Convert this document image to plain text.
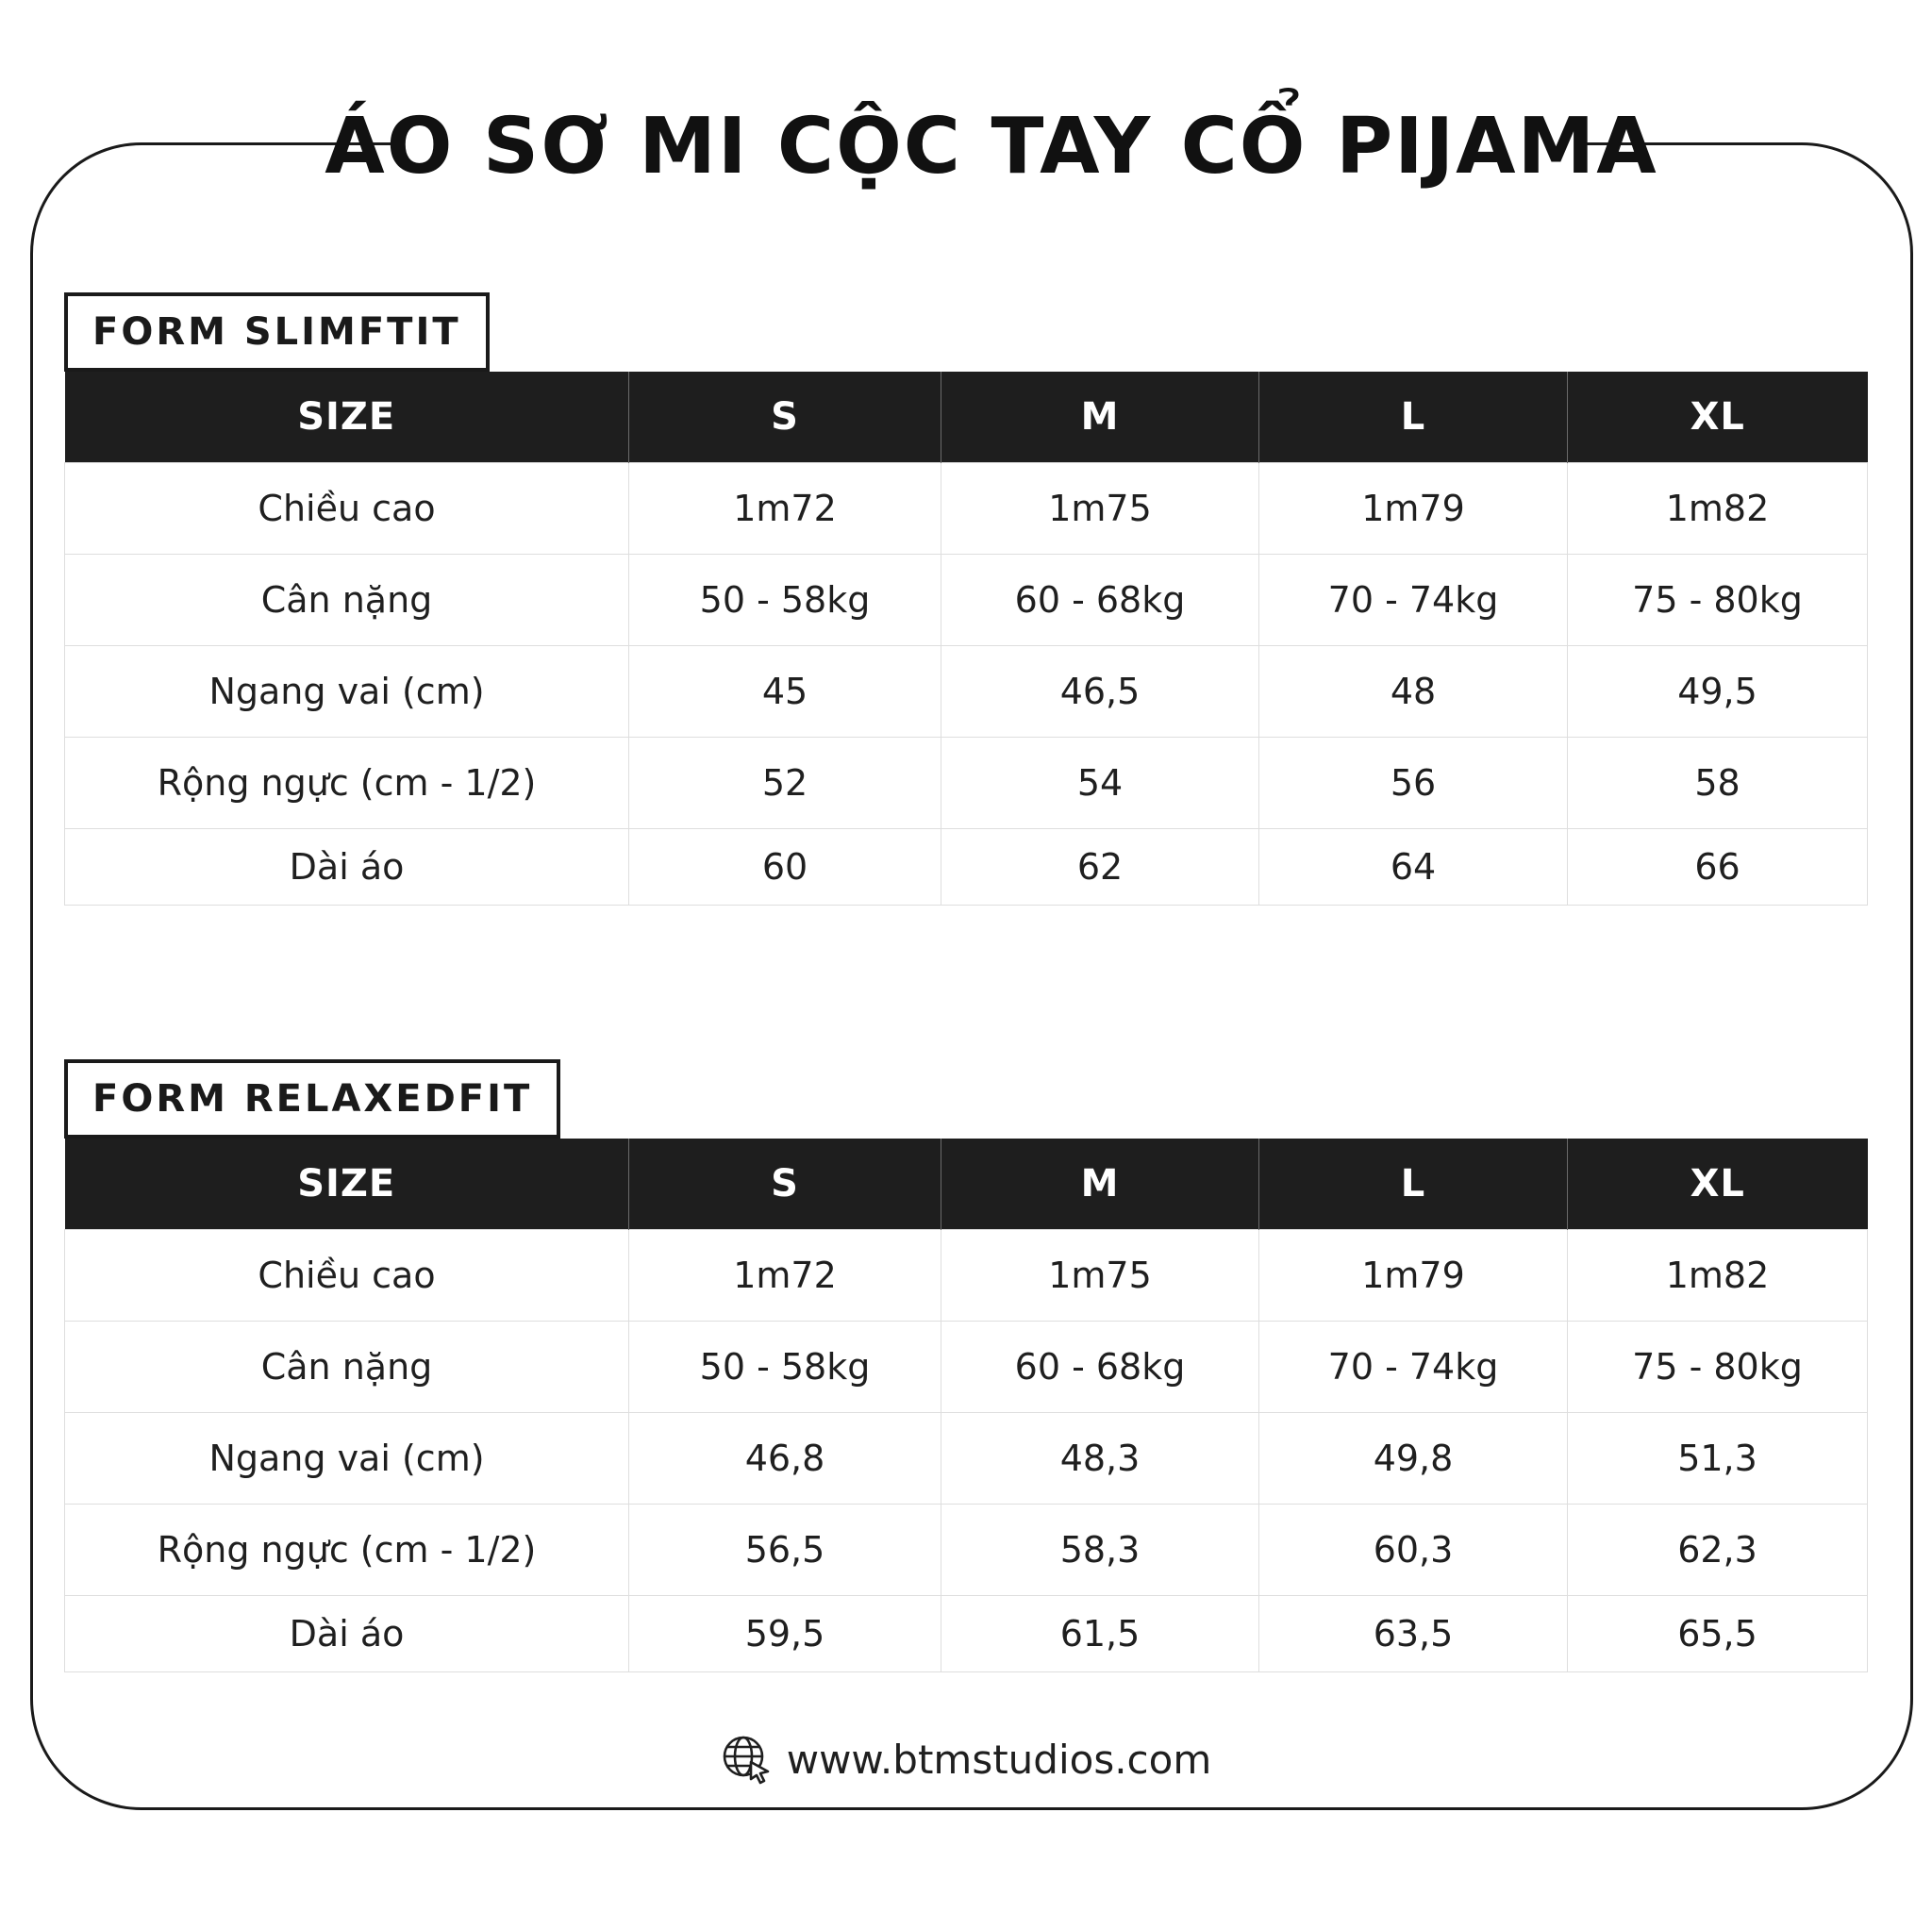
ÁO SƠ MI CỘC TAY CỔ PIJAMA
FORM SLIMFTIT
SIZE	S	M	L	XL
Chiều cao	1m72	1m75	1m79	1m82
Cân nặng	50 - 58kg	60 - 68kg	70 - 74kg	75 - 80kg
Ngang vai (cm)	45	46,5	48	49,5
Rộng ngực (cm - 1/2)	52	54	56	58
Dài áo	60	62	64	66
FORM RELAXEDFIT
SIZE	S	M	L	XL
Chiều cao	1m72	1m75	1m79	1m82
Cân nặng	50 - 58kg	60 - 68kg	70 - 74kg	75 - 80kg
Ngang vai (cm)	46,8	48,3	49,8	51,3
Rộng ngực (cm - 1/2)	56,5	58,3	60,3	62,3
Dài áo	59,5	61,5	63,5	65,5
www.btmstudios.com
